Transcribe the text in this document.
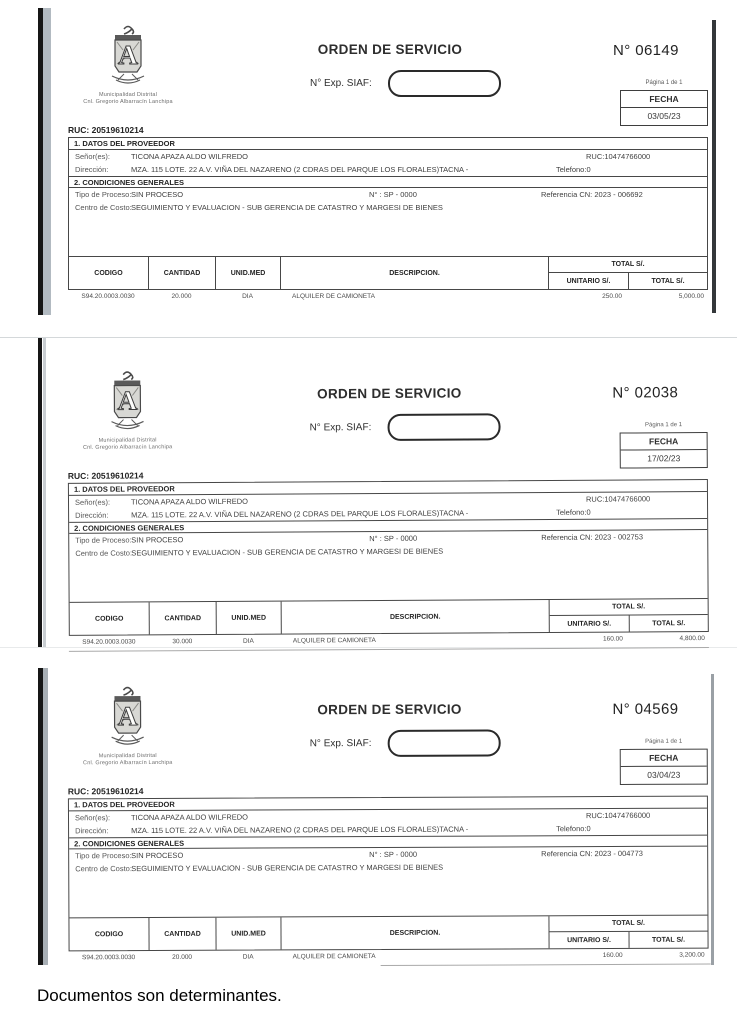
A
Municipalidad Distrital
Cnl. Gregorio Albarracín Lanchipa
ORDEN DE SERVICIO	N° 06149
N° Exp. SIAF:	Página 1 de 1
FECHA
03/05/23
RUC: 20519610214
1. DATOS DEL PROVEEDOR
Señor(es):	TICONA APAZA ALDO WILFREDO	RUC:10474766000
Dirección:	MZA. 115 LOTE. 22 A.V. VIÑA DEL NAZARENO (2 CDRAS DEL PARQUE LOS FLORALES)TACNA -	Telefono:0
2. CONDICIONES GENERALES
Tipo de Proceso: SIN PROCESO	N° : SP - 0000	Referencia CN: 2023 - 006692
Centro de Costo: SEGUIMIENTO Y EVALUACION - SUB GERENCIA DE CATASTRO Y MARGESI DE BIENES
CODIGO	CANTIDAD	UNID.MED	DESCRIPCION.
TOTAL S/.
UNITARIO S/.	TOTAL S/.
S94.20.0003.0030	20.000	DIA	ALQUILER DE CAMIONETA	250.00	5,000.00
A
Municipalidad Distrital
Cnl. Gregorio Albarracín Lanchipa
ORDEN DE SERVICIO	N° 02038
N° Exp. SIAF:	Página 1 de 1
FECHA
17/02/23
RUC: 20519610214
1. DATOS DEL PROVEEDOR
Señor(es):	TICONA APAZA ALDO WILFREDO	RUC:10474766000
Dirección:	MZA. 115 LOTE. 22 A.V. VIÑA DEL NAZARENO (2 CDRAS DEL PARQUE LOS FLORALES)TACNA -	Telefono:0
2. CONDICIONES GENERALES
Tipo de Proceso: SIN PROCESO	N° : SP - 0000	Referencia CN: 2023 - 002753
Centro de Costo: SEGUIMIENTO Y EVALUACION - SUB GERENCIA DE CATASTRO Y MARGESI DE BIENES
CODIGO	CANTIDAD	UNID.MED	DESCRIPCION.
TOTAL S/.
UNITARIO S/.	TOTAL S/.
S94.20.0003.0030	30.000	DIA	ALQUILER DE CAMIONETA	160.00	4,800.00
A
Municipalidad Distrital
Cnl. Gregorio Albarracín Lanchipa
ORDEN DE SERVICIO	N° 04569
N° Exp. SIAF:	Página 1 de 1
FECHA
03/04/23
RUC: 20519610214
1. DATOS DEL PROVEEDOR
Señor(es):	TICONA APAZA ALDO WILFREDO	RUC:10474766000
Dirección:	MZA. 115 LOTE. 22 A.V. VIÑA DEL NAZARENO (2 CDRAS DEL PARQUE LOS FLORALES)TACNA -	Telefono:0
2. CONDICIONES GENERALES
Tipo de Proceso: SIN PROCESO	N° : SP - 0000	Referencia CN: 2023 - 004773
Centro de Costo: SEGUIMIENTO Y EVALUACION - SUB GERENCIA DE CATASTRO Y MARGESI DE BIENES
CODIGO	CANTIDAD	UNID.MED	DESCRIPCION.
TOTAL S/.
UNITARIO S/.	TOTAL S/.
S94.20.0003.0030	20.000	DIA	ALQUILER DE CAMIONETA	160.00	3,200.00
Documentos son determinantes.
